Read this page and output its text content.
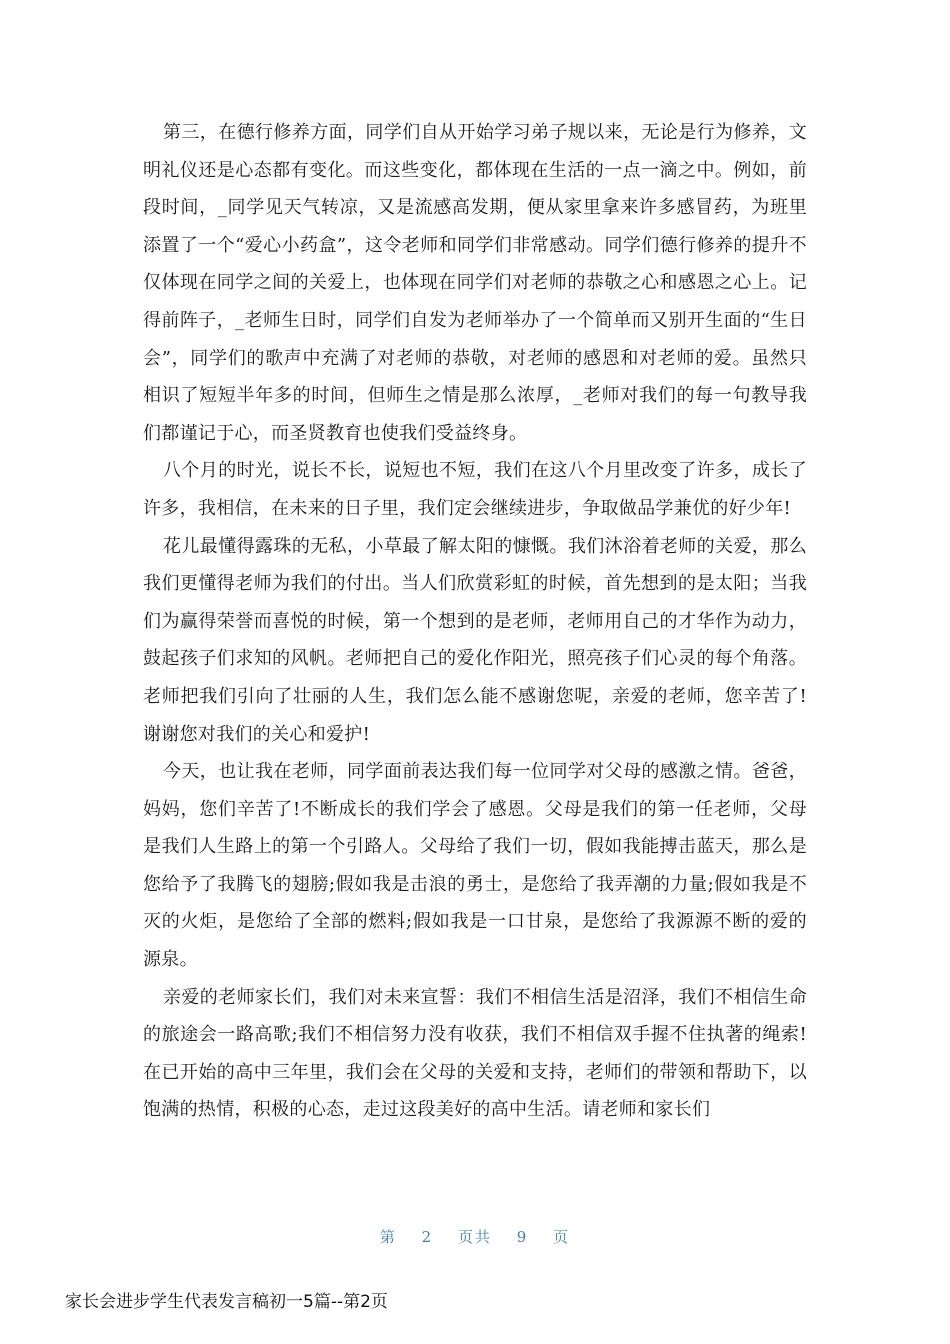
第三，在德行修养方面，同学们自从开始学习弟子规以来，无论是行为修养，文明礼仪还是心态都有变化。而这些变化，都体现在生活的一点一滴之中。例如，前段时间，_同学见天气转凉，又是流感高发期，便从家里拿来许多感冒药，为班里添置了一个“爱心小药盒”，这令老师和同学们非常感动。同学们德行修养的提升不仅体现在同学之间的关爱上，也体现在同学们对老师的恭敬之心和感恩之心上。记得前阵子，_老师生日时，同学们自发为老师举办了一个简单而又别开生面的“生日会”，同学们的歌声中充满了对老师的恭敬，对老师的感恩和对老师的爱。虽然只相识了短短半年多的时间，但师生之情是那么浓厚，_老师对我们的每一句教导我们都谨记于心，而圣贤教育也使我们受益终身。

八个月的时光，说长不长，说短也不短，我们在这八个月里改变了许多，成长了许多，我相信，在未来的日子里，我们定会继续进步，争取做品学兼优的好少年!

花儿最懂得露珠的无私，小草最了解太阳的慷慨。我们沐浴着老师的关爱，那么我们更懂得老师为我们的付出。当人们欣赏彩虹的时候，首先想到的是太阳；当我们为赢得荣誉而喜悦的时候，第一个想到的是老师，老师用自己的才华作为动力，鼓起孩子们求知的风帆。老师把自己的爱化作阳光，照亮孩子们心灵的每个角落。老师把我们引向了壮丽的人生，我们怎么能不感谢您呢，亲爱的老师，您辛苦了!谢谢您对我们的关心和爱护!

今天，也让我在老师，同学面前表达我们每一位同学对父母的感激之情。爸爸，妈妈，您们辛苦了!不断成长的我们学会了感恩。父母是我们的第一任老师，父母是我们人生路上的第一个引路人。父母给了我们一切，假如我能搏击蓝天，那么是您给予了我腾飞的翅膀;假如我是击浪的勇士，是您给了我弄潮的力量;假如我是不灭的火炬，是您给了全部的燃料;假如我是一口甘泉，是您给了我源源不断的爱的源泉。

亲爱的老师家长们，我们对未来宣誓：我们不相信生活是沼泽，我们不相信生命的旅途会一路高歌;我们不相信努力没有收获，我们不相信双手握不住执著的绳索!在已开始的高中三年里，我们会在父母的关爱和支持，老师们的带领和帮助下，以饱满的热情，积极的心态，走过这段美好的高中生活。请老师和家长们

第 2 页共 9 页
家长会进步学生代表发言稿初一5篇--第2页
